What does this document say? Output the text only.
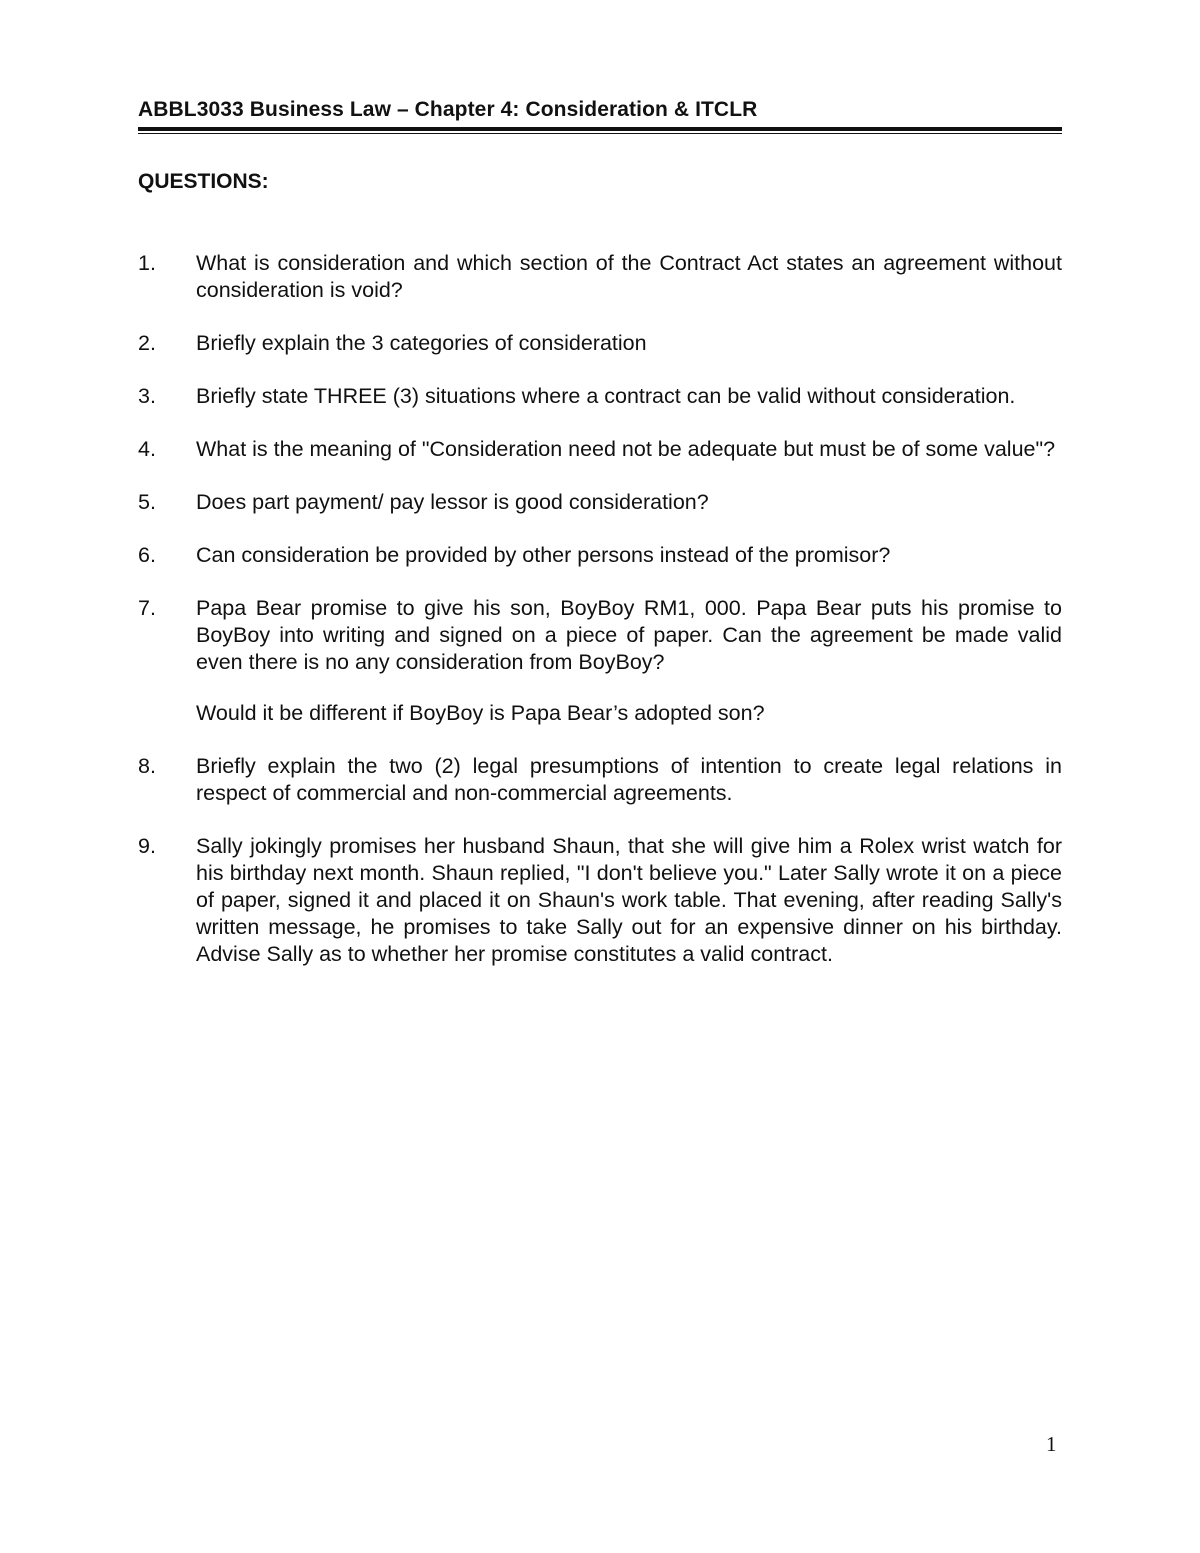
ABBL3033 Business Law – Chapter 4: Consideration & ITCLR
QUESTIONS:
1. What is consideration and which section of the Contract Act states an agreement without consideration is void?
2. Briefly explain the 3 categories of consideration
3. Briefly state THREE (3) situations where a contract can be valid without consideration.
4. What is the meaning of "Consideration need not be adequate but must be of some value"?
5. Does part payment/ pay lessor is good consideration?
6. Can consideration be provided by other persons instead of the promisor?
7. Papa Bear promise to give his son, BoyBoy RM1, 000. Papa Bear puts his promise to BoyBoy into writing and signed on a piece of paper. Can the agreement be made valid even there is no any consideration from BoyBoy?
Would it be different if BoyBoy is Papa Bear’s adopted son?
8. Briefly explain the two (2) legal presumptions of intention to create legal relations in respect of commercial and non-commercial agreements.
9. Sally jokingly promises her husband Shaun, that she will give him a Rolex wrist watch for his birthday next month. Shaun replied, "I don't believe you." Later Sally wrote it on a piece of paper, signed it and placed it on Shaun's work table. That evening, after reading Sally's written message, he promises to take Sally out for an expensive dinner on his birthday. Advise Sally as to whether her promise constitutes a valid contract.
1
